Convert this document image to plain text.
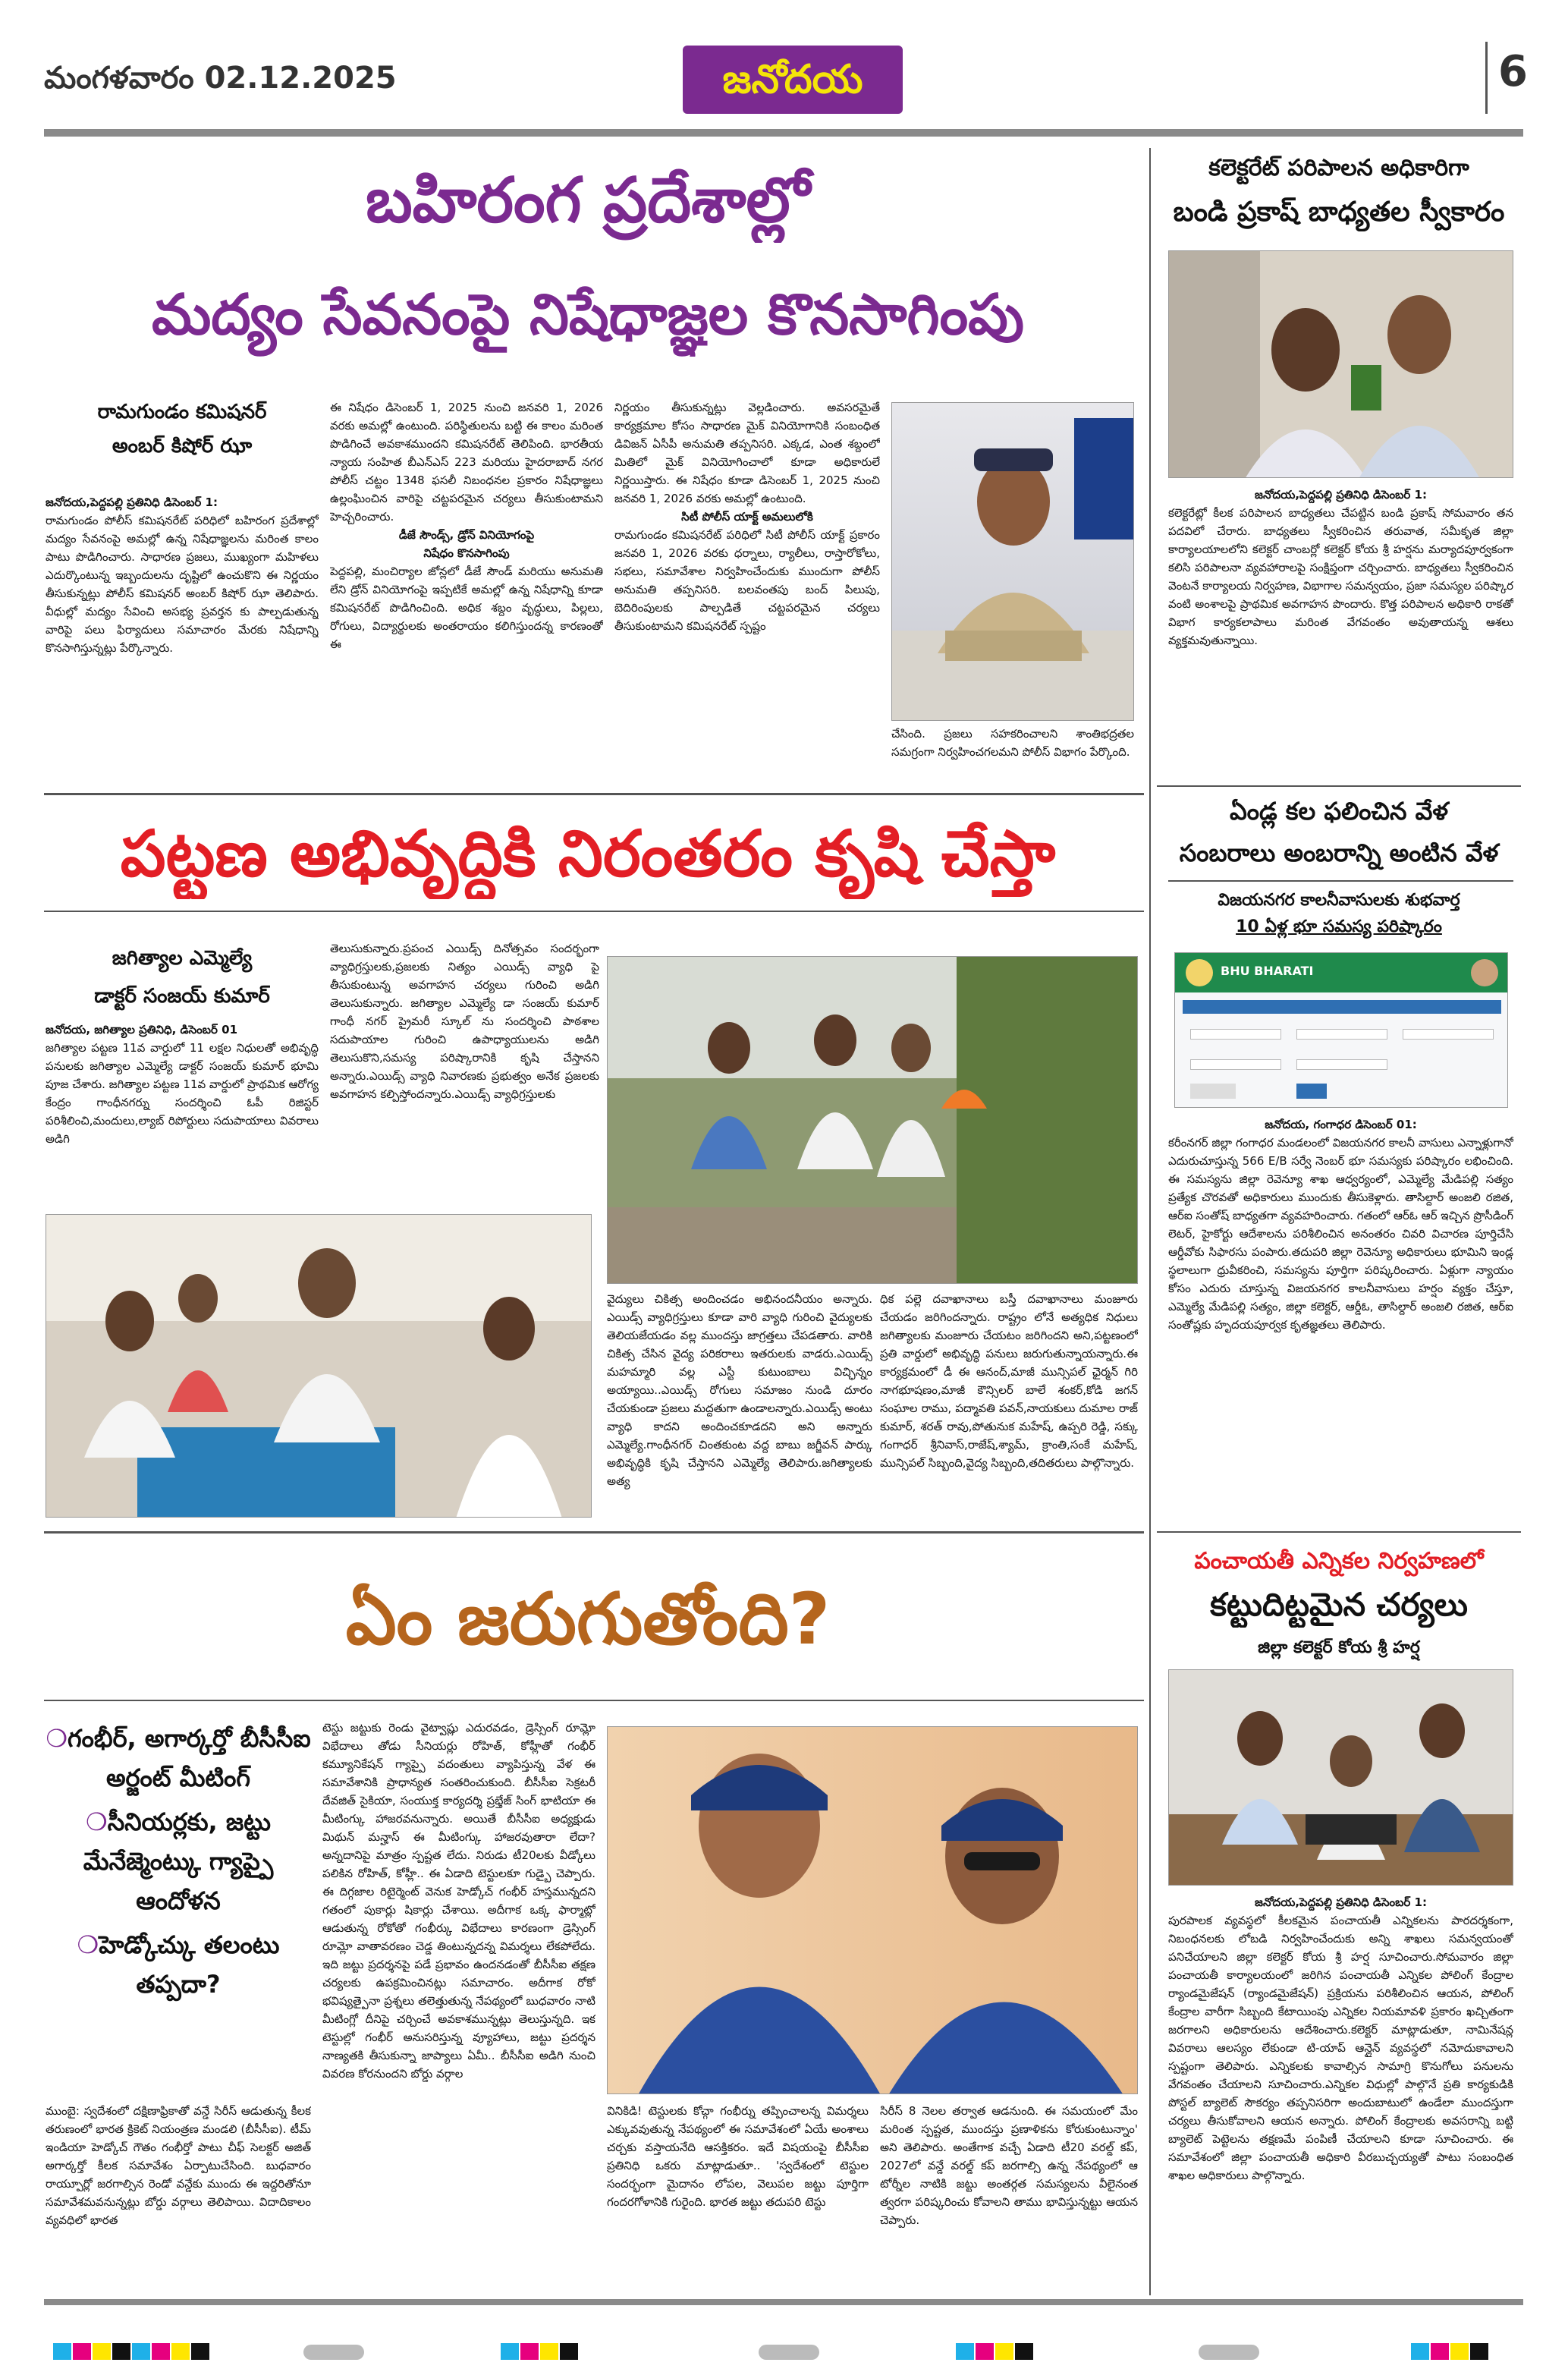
మంగళవారం 02.12.2025	జనోదయ	6
బహిరంగ ప్రదేశాల్లో
మద్యం సేవనంపై నిషేధాజ్ఞల కొనసాగింపు
రామగుండం కమిషనర్
అంబర్ కిషోర్ ఝా

జనోదయ,పెద్దపల్లి ప్రతినిధి డిసెంబర్ 1:

రామగుండం పోలీస్ కమిషనరేట్ పరిధిలో బహిరంగ ప్రదేశాల్లో మద్యం సేవనంపై అమల్లో ఉన్న నిషేధాజ్ఞలను మరింత కాలం పాటు పొడిగించారు. సాధారణ ప్రజలు, ముఖ్యంగా మహిళలు ఎదుర్కొంటున్న ఇబ్బందులను దృష్టిలో ఉంచుకొని ఈ నిర్ణయం తీసుకున్నట్లు పోలీస్ కమిషనర్ అంబర్ కిషోర్ ఝా తెలిపారు. వీధుల్లో మద్యం సేవించి అసభ్య ప్రవర్తన కు పాల్పడుతున్న వారిపై పలు ఫిర్యాదులు సమాచారం మేరకు నిషేధాన్ని కొనసాగిస్తున్నట్లు పేర్కొన్నారు.

ఈ నిషేధం డిసెంబర్ 1, 2025 నుంచి జనవరి 1, 2026 వరకు అమల్లో ఉంటుంది. పరిస్థితులను బట్టి ఈ కాలం మరింత పొడిగించే అవకాశముందని కమిషనరేట్ తెలిపింది. భారతీయ న్యాయ సంహిత బీఎన్ఎస్ 223 మరియు హైదరాబాద్ నగర పోలీస్ చట్టం 1348 ఫసలీ నిబంధనల ప్రకారం నిషేధాజ్ఞలు ఉల్లంఘించిన వారిపై చట్టపరమైన చర్యలు తీసుకుంటామని హెచ్చరించారు.

డీజే సౌండ్స్, డ్రోన్ వినియోగంపై

నిషేధం కొనసాగింపు

పెద్దపల్లి, మంచిర్యాల జోన్లలో డీజే సౌండ్ మరియు అనుమతి లేని డ్రోన్ వినియోగంపై ఇప్పటికే అమల్లో ఉన్న నిషేధాన్ని కూడా కమిషనరేట్ పొడిగించింది. అధిక శబ్దం వృద్ధులు, పిల్లలు, రోగులు, విద్యార్థులకు అంతరాయం కలిగిస్తుందన్న కారణంతో ఈ

నిర్ణయం తీసుకున్నట్లు వెల్లడించారు. అవసరమైతే కార్యక్రమాల కోసం సాధారణ మైక్ వినియోగానికి సంబంధిత డివిజన్ ఏసీపీ అనుమతి తప్పనిసరి. ఎక్కడ, ఎంత శబ్దంలో మితిలో మైక్ వినియోగించాలో కూడా అధికారులే నిర్ణయిస్తారు. ఈ నిషేధం కూడా డిసెంబర్ 1, 2025 నుంచి జనవరి 1, 2026 వరకు అమల్లో ఉంటుంది.

సిటీ పోలీస్ యాక్ట్ అమలులోకి

రామగుండం కమిషనరేట్ పరిధిలో సిటీ పోలీస్ యాక్ట్ ప్రకారం జనవరి 1, 2026 వరకు ధర్నాలు, ర్యాలీలు, రాస్తారోకోలు, సభలు, సమావేశాల నిర్వహించేందుకు ముందుగా పోలీస్ అనుమతి తప్పనిసరి. బలవంతపు బంద్ పిలుపు, బెదిరింపులకు పాల్పడితే చట్టపరమైన చర్యలు తీసుకుంటామని కమిషనరేట్ స్పష్టం

చేసింది. ప్రజలు సహకరించాలని శాంతిభద్రతల సమగ్రంగా నిర్వహించగలమని పోలీస్ విభాగం పేర్కొంది.

కలెక్టరేట్ పరిపాలన అధికారిగా
బండి ప్రకాష్ బాధ్యతల స్వీకారం

జనోదయ,పెద్దపల్లి ప్రతినిధి డిసెంబర్ 1:

కలెక్టరేట్లో కీలక పరిపాలన బాధ్యతలు చేపట్టిన బండి ప్రకాష్ సోమవారం తన పదవిలో చేరారు. బాధ్యతలు స్వీకరించిన తరువాత, సమీకృత జిల్లా కార్యాలయాలలోని కలెక్టర్ చాంబర్లో కలెక్టర్ కోయ శ్రీ హర్షను మర్యాదపూర్వకంగా కలిసి పరిపాలనా వ్యవహారాలపై సంక్షిప్తంగా చర్చించారు. బాధ్యతలు స్వీకరించిన వెంటనే కార్యాలయ నిర్వహణ, విభాగాల సమన్వయం, ప్రజా సమస్యల పరిష్కార వంటి అంశాలపై ప్రాథమిక అవగాహన పొందారు. కొత్త పరిపాలన అధికారి రాకతో విభాగ కార్యకలాపాలు మరింత వేగవంతం అవుతాయన్న ఆశలు వ్యక్తమవుతున్నాయి.

పట్టణ అభివృద్ధికి నిరంతరం కృషి చేస్తా
జగిత్యాల ఎమ్మెల్యే
డాక్టర్ సంజయ్ కుమార్

జనోదయ, జగిత్యాల ప్రతినిధి, డిసెంబర్ 01

జగిత్యాల పట్టణ 11వ వార్డులో 11 లక్షల నిధులతో అభివృద్ధి పనులకు జగిత్యాల ఎమ్మెల్యే డాక్టర్ సంజయ్ కుమార్ భూమి పూజ చేశారు. జగిత్యాల పట్టణ 11వ వార్డులో ప్రాథమిక ఆరోగ్య కేంద్రం గాంధీనగర్ను సందర్శించి ఓపీ రిజిస్టర్ పరిశీలించి,మందులు,ల్యాబ్ రిపోర్టులు సదుపాయాలు వివరాలు అడిగి

తెలుసుకున్నారు.ప్రపంచ ఎయిడ్స్ దినోత్సవం సందర్భంగా వ్యాధిగ్రస్తులకు,ప్రజలకు నిత్యం ఎయిడ్స్ వ్యాధి పై తీసుకుంటున్న అవగాహన చర్యలు గురించి అడిగి తెలుసుకున్నారు. జగిత్యాల ఎమ్మెల్యే డా సంజయ్ కుమార్ గాంధీ నగర్ ప్రైమరీ స్కూల్ ను సందర్శించి పాఠశాల సదుపాయాల గురించి ఉపాధ్యాయులను అడిగి తెలుసుకొని,సమస్య పరిష్కారానికి కృషి చేస్తానని అన్నారు.ఎయిడ్స్ వ్యాధి నివారణకు ప్రభుత్వం అనేక ప్రజలకు అవగాహన కల్పిస్తోందన్నారు.ఎయిడ్స్ వ్యాధిగ్రస్తులకు

వైద్యులు చికిత్స అందించడం అభినందనీయం అన్నారు. ఎయిడ్స్ వ్యాధిగ్రస్తులు కూడా వారి వ్యాధి గురించి వైద్యులకు తెలియజేయడం వల్ల ముందస్తు జాగ్రత్తలు చేపడతారు. వారికి చికిత్స చేసిన వైద్య పరికరాలు ఇతరులకు వాడరు.ఎయిడ్స్ మహమ్మారి వల్ల ఎస్టీ కుటుంబాలు విచ్ఛిన్నం అయ్యాయి..ఎయిడ్స్ రోగులు సమాజం నుండి దూరం చేయకుండా ప్రజలు మద్దతుగా ఉండాలన్నారు.ఎయిడ్స్ అంటు వ్యాధి కాదని అందించకూడదని అని అన్నారు ఎమ్మెల్యే.గాంధీనగర్ చింతకుంట వద్ద బాబు జగ్జీవన్ పార్కు అభివృద్ధికి కృషి చేస్తానని ఎమ్మెల్యే తెలిపారు.జగిత్యాలకు అత్య

ధిక పల్లె దవాఖానాలు బస్తీ దవాఖానాలు మంజూరు చేయడం జరిగిందన్నారు. రాష్ట్రం లోనే అత్యధిక నిధులు జగిత్యాలకు మంజూరు చేయటం జరిగిందని అని,పట్టణంలో ప్రతి వార్డులో అభివృద్ధి పనులు జరుగుతున్నాయన్నారు.ఈ కార్యక్రమంలో డీ ఈ ఆనంద్,మాజీ మున్సిపల్ ఛైర్మన్ గిరి నాగభూషణం,మాజీ కౌన్సిలర్ బాలే శంకర్,కోడి జగన్ సంఘాల రాము, పద్మావతి పవన్,నాయకులు దుమాల రాజ్ కుమార్, శరత్ రావు,పోతునుక మహేష్, ఉప్పరి రెడ్డి, సక్కు గంగాధర్ శ్రీనివాస్,రాజేష్,శ్యామ్, క్రాంతి,సంకే మహేష్, మున్సిపల్ సిబ్బంది,వైద్య సిబ్బంది,తదితరులు పాల్గొన్నారు.

ఏండ్ల కల ఫలించిన వేళ
సంబరాలు అంబరాన్ని అంటిన వేళ
విజయనగర కాలనీవాసులకు శుభవార్త
10 ఏళ్ల భూ సమస్య పరిష్కారం
BHU BHARATI

జనోదయ, గంగాధర డిసెంబర్ 01:

కరీంనగర్ జిల్లా గంగాధర మండలంలో విజయనగర కాలనీ వాసులు ఎన్నాళ్లుగానో ఎదురుచూస్తున్న 566 E/B సర్వే నెంబర్ భూ సమస్యకు పరిష్కారం లభించింది. ఈ సమస్యను జిల్లా రెవెన్యూ శాఖ ఆధ్వర్యంలో, ఎమ్మెల్యే మేడిపల్లి సత్యం ప్రత్యేక చొరవతో అధికారులు ముందుకు తీసుకెళ్లారు. తాసిల్దార్ అంజలి రజిత, ఆర్ఐ సంతోష్ బాధ్యతగా వ్యవహరించారు. గతంలో ఆర్ఓ ఆర్ ఇచ్చిన ప్రొసీడింగ్ లెటర్, హైకోర్టు ఆదేశాలను పరిశీలించిన అనంతరం చివరి విచారణ పూర్తిచేసి ఆర్డీవోకు సిఫారసు పంపారు.తదుపరి జిల్లా రెవెన్యూ అధికారులు భూమిని ఇండ్ల స్థలాలుగా ధ్రువీకరించి, సమస్యను పూర్తిగా పరిష్కరించారు. ఏళ్లుగా న్యాయం కోసం ఎదురు చూస్తున్న విజయనగర కాలనీవాసులు హర్షం వ్యక్తం చేస్తూ, ఎమ్మెల్యే మేడిపల్లి సత్యం, జిల్లా కలెక్టర్, ఆర్డీఓ, తాసిల్దార్ అంజలి రజిత, ఆర్ఐ సంతోష్లకు హృదయపూర్వక కృతజ్ఞతలు తెలిపారు.

ఏం జరుగుతోంది?
❍గంభీర్, అగార్కర్తో బీసీసీఐ అర్జంట్ మీటింగ్
❍సీనియర్లకు, జట్టు మేనేజ్మెంట్కు గ్యాప్పై ఆందోళన
❍హెడ్కోచ్కు తలంటు తప్పదా?

ముంబై: స్వదేశంలో దక్షిణాఫ్రికాతో వన్డే సిరీస్ ఆడుతున్న కీలక తరుణంలో భారత క్రికెట్ నియంత్రణ మండలి (బీసీసీఐ). టీమ్ ఇండియా హెడ్కోచ్ గౌతం గంభీర్తో పాటు చీఫ్ సెలక్టర్ అజిత్ అగార్కర్తో కీలక సమావేశం ఏర్పాటుచేసింది. బుధవారం రాయ్పూర్లో జరగాల్సిన రెండో వన్డేకు ముందు ఈ ఇద్దరితోనూ సమావేశమవనున్నట్లు బోర్డు వర్గాలు తెలిపాయి. విదాదికాలం వ్యవధిలో భారత

టెస్టు జట్టుకు రెండు వైట్వాష్లు ఎదురవడం, డ్రెస్సింగ్ రూమ్లో విభేదాలు తోడు సీనియర్లు రోహిత్, కోహ్లీతో గంభీర్ కమ్యూనికేషన్ గ్యాప్పై వదంతులు వ్యాపిస్తున్న వేళ ఈ సమావేశానికి ప్రాధాన్యత సంతరించుకుంది. బీసీసీఐ సెక్రటరీ దేవజిత్ సైకియా, సంయుక్త కార్యదర్శి ప్రభ్తేజ్ సింగ్ భాటియా ఈ మీటింగ్కు హాజరవనున్నారు. అయితే బీసీసీఐ అధ్యక్షుడు మిథున్ మన్హాస్ ఈ మీటింగ్కు హాజరవుతారా లేదా? అన్నదానిపై మాత్రం స్పష్టత లేదు. నిరుడు టీ20లకు వీడ్కోలు పలికిన రోహిత్, కోహ్లీ.. ఈ ఏడాది టెస్టులకూ గుడ్బై చెప్పారు. ఈ దిగ్గజాల రిటైర్మెంట్ వెనుక హెడ్కోచ్ గంభీర్ హస్తమున్నదని గతంలో పుకార్లు షికార్లు చేశాయి. అదీగాక ఒక్క ఫార్మాట్లో ఆడుతున్న రోకోతో గంభీర్కు విభేదాలు కారణంగా డ్రెస్సింగ్ రూమ్లో వాతావరణం చెడ్డ తింటున్నదన్న విమర్శలు లేకపోలేదు. ఇది జట్టు ప్రదర్శనపై పడే ప్రభావం ఉందనడంతో బీసీసీఐ తక్షణ చర్యలకు ఉపక్రమించినట్లు సమాచారం. అదీగాక రోకో భవిష్యత్పైనా ప్రశ్నలు తలెత్తుతున్న నేపథ్యంలో బుధవారం నాటి మీటింగ్లో దీనిపై చర్చించే అవకాశమున్నట్లు తెలుస్తున్నది. ఇక టెస్టుల్లో గంభీర్ అనుసరిస్తున్న వ్యూహాలు, జట్టు ప్రదర్శన నాణ్యతకి తీసుకున్నా జాప్యాలు ఏమీ.. బీసీసీఐ అడిగి నుంచి వివరణ కోరనుందని బోర్డు వర్గాల

వినికిడి! టెస్టులకు కోచ్గా గంభీర్ను తప్పించాలన్న విమర్శలు ఎక్కువవుతున్న నేపథ్యంలో ఈ సమావేశంలో ఏయే అంశాలు చర్చకు వస్తాయనేది ఆసక్తికరం. ఇదే విషయంపై బీసీసీఐ ప్రతినిధి ఒకరు మాట్లాడుతూ.. 'స్వదేశంలో టెస్టుల సందర్భంగా మైదానం లోపల, వెలుపల జట్టు పూర్తిగా గందరగోళానికి గురైంది. భారత జట్టు తదుపరి టెస్టు

సిరీస్ 8 నెలల తర్వాత ఆడనుంది. ఈ సమయంలో మేం మరింత స్పష్టత, ముందస్తు ప్రణాళికను కోరుకుంటున్నాం' అని తెలిపారు. అంతేగాక వచ్చే ఏడాది టీ20 వరల్డ్ కప్, 2027లో వన్డే వరల్డ్ కప్ జరగాల్సి ఉన్న నేపథ్యంలో ఆ టోర్నీల నాటికి జట్టు అంతర్గత సమస్యలను వీలైనంత త్వరగా పరిష్కరించు కోవాలని తాము భావిస్తున్నట్టు ఆయన చెప్పారు.

పంచాయతీ ఎన్నికల నిర్వహణలో
కట్టుదిట్టమైన చర్యలు
జిల్లా కలెక్టర్ కోయ శ్రీ హర్ష

జనోదయ,పెద్దపల్లి ప్రతినిధి డిసెంబర్ 1:

పురపాలక వ్యవస్థలో కీలకమైన పంచాయతీ ఎన్నికలను పారదర్శకంగా, నిబంధనలకు లోబడి నిర్వహించేందుకు అన్ని శాఖలు సమన్వయంతో పనిచేయాలని జిల్లా కలెక్టర్ కోయ శ్రీ హర్ష సూచించారు.సోమవారం జిల్లా పంచాయతీ కార్యాలయంలో జరిగిన పంచాయతీ ఎన్నికల పోలింగ్ కేంద్రాల ర్యాండమైజేషన్ (ర్యాండమైజేషన్) ప్రక్రియను పరిశీలించిన ఆయన, పోలింగ్ కేంద్రాల వారీగా సిబ్బంది కేటాయింపు ఎన్నికల నియమావళి ప్రకారం ఖచ్చితంగా జరగాలని అధికారులను ఆదేశించారు.కలెక్టర్ మాట్లాడుతూ, నామినేషన్ల వివరాలు ఆలస్యం లేకుండా టి-యాప్ ఆన్లైన్ వ్యవస్థలో నమోదుకావాలని స్పష్టంగా తెలిపారు. ఎన్నికలకు కావాల్సిన సామాగ్రి కొనుగోలు పనులను వేగవంతం చేయాలని సూచించారు.ఎన్నికల విధుల్లో పాల్గొనే ప్రతి కార్యకుడికి పోస్టల్ బ్యాలెట్ సౌకర్యం తప్పనిసరిగా అందుబాటులో ఉండేలా ముందస్తుగా చర్యలు తీసుకోవాలని ఆయన అన్నారు. పోలింగ్ కేంద్రాలకు అవసరాన్ని బట్టి బ్యాలెట్ పెట్టెలను తక్షణమే పంపిణీ చేయాలని కూడా సూచించారు. ఈ సమావేశంలో జిల్లా పంచాయతీ అధికారి వీరబుచ్చయ్యతో పాటు సంబంధిత శాఖల అధికారులు పాల్గొన్నారు.
